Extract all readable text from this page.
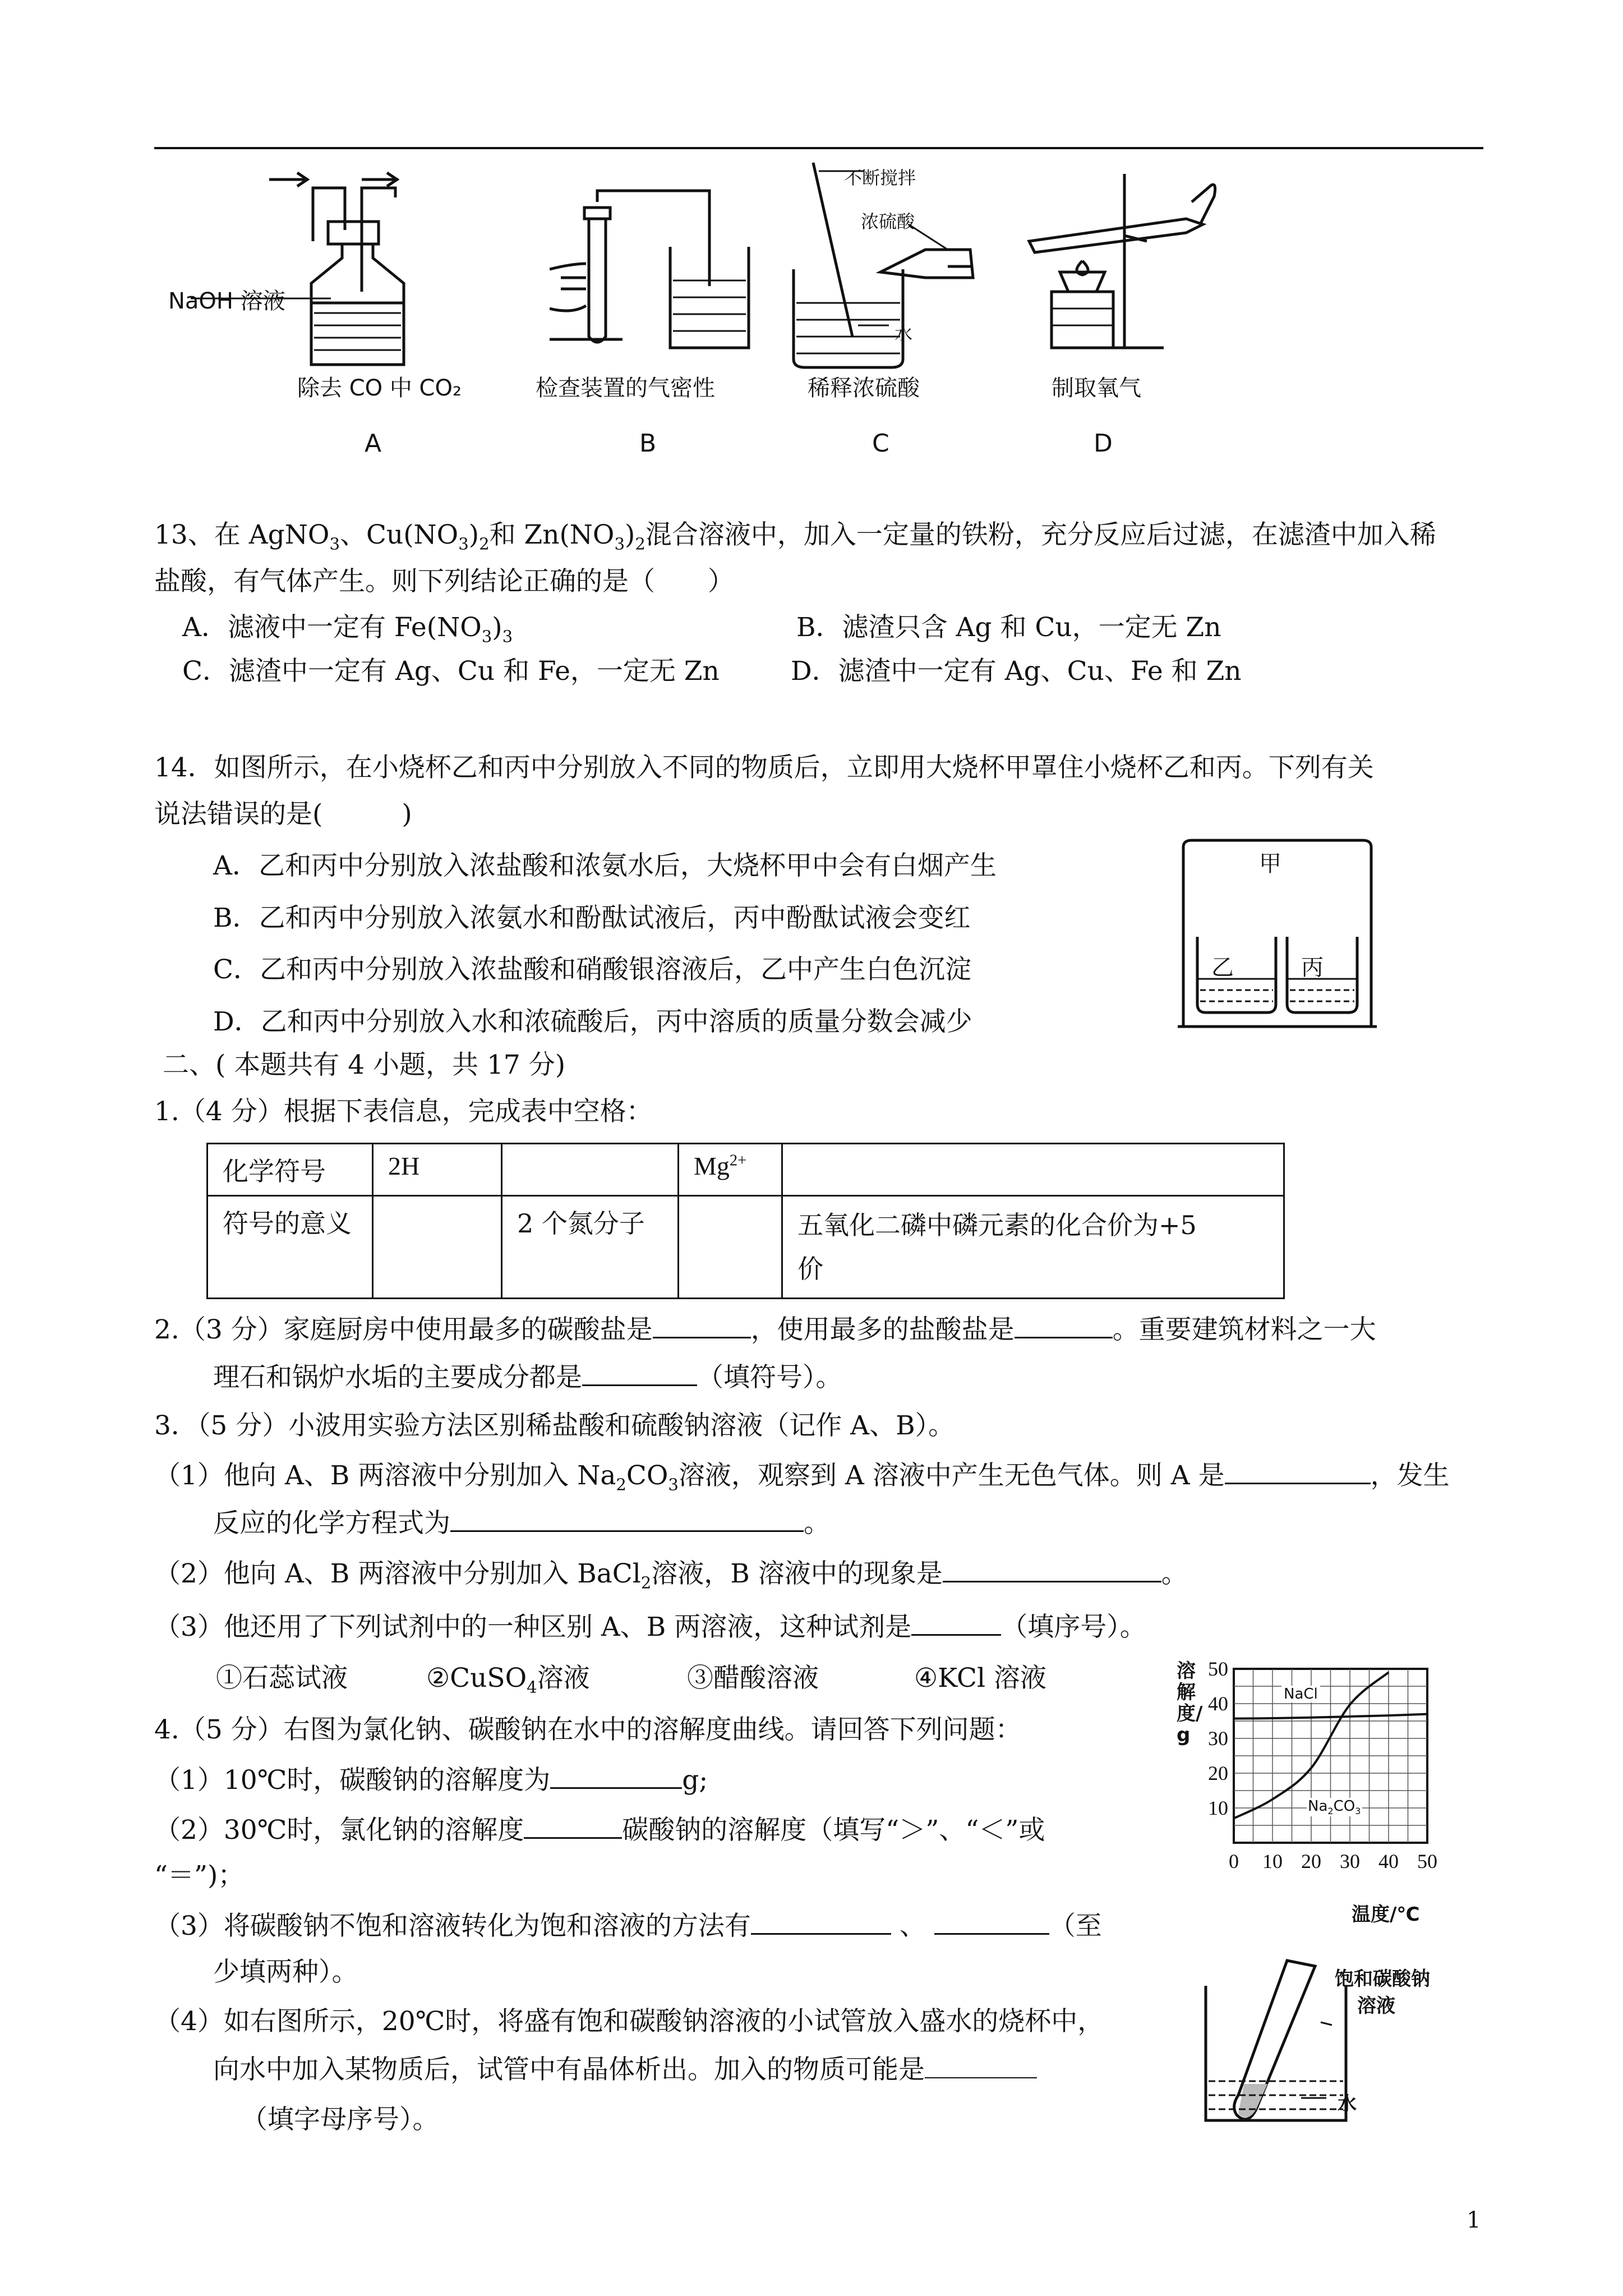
NaOH 溶液
除去 CO 中 CO₂
A
检查装置的气密性
B
不断搅拌
浓硫酸
水
稀释浓硫酸
C
制取氧气
D
13、在 AgNO$_3$、$Cu(NO_3)_2$和 $Zn(NO_3)_2$混合溶液中，加入一定量的铁粉，充分反应后过滤，在滤渣中加入稀
盐酸，有气体产生。则下列结论正确的是（　　）
A．滤液中一定有 $Fe(NO_3)_3$	B．滤渣只含 Ag 和 Cu，一定无 Zn
C．滤渣中一定有 Ag、Cu 和 Fe，一定无 Zn	D．滤渣中一定有 Ag、Cu、Fe 和 Zn
14．如图所示，在小烧杯乙和丙中分别放入不同的物质后，立即用大烧杯甲罩住小烧杯乙和丙。下列有关
说法错误的是(　　　)
A．乙和丙中分别放入浓盐酸和浓氨水后，大烧杯甲中会有白烟产生
B．乙和丙中分别放入浓氨水和酚酞试液后，丙中酚酞试液会变红
C．乙和丙中分别放入浓盐酸和硝酸银溶液后，乙中产生白色沉淀
D．乙和丙中分别放入水和浓硫酸后，丙中溶质的质量分数会减少
甲
乙	丙
二、( 本题共有 4 小题，共 17 分)
1.（4 分）根据下表信息，完成表中空格：
化学符号	2H		$Mg^{2+}$	
符号的意义		2 个氮分子		五氧化二磷中磷元素的化合价为+5
价
2.（3 分）家庭厨房中使用最多的碳酸盐是	，使用最多的盐酸盐是	。重要建筑材料之一大
理石和锅炉水垢的主要成分都是	（填符号）。
3．（5 分）小波用实验方法区别稀盐酸和硫酸钠溶液（记作 A、B）。
（1）他向 A、B 两溶液中分别加入 $Na_2CO_3$溶液，观察到 A 溶液中产生无色气体。则 A 是	，发生
反应的化学方程式为	。
（2）他向 A、B 两溶液中分别加入 BaCl$_2$溶液，B 溶液中的现象是	。
（3）他还用了下列试剂中的一种区别 A、B 两溶液，这种试剂是	（填序号）。
①石蕊试液	②CuSO$_4$溶液	③醋酸溶液	④KCl 溶液
4.（5 分）右图为氯化钠、碳酸钠在水中的溶解度曲线。请回答下列问题：
（1）10℃时，碳酸钠的溶解度为	g;
（2）30℃时，氯化钠的溶解度	碳酸钠的溶解度（填写“＞”、“＜”或
“＝”)；
（3）将碳酸钠不饱和溶液转化为饱和溶液的方法有	、	（至
少填两种）。
（4）如右图所示，20℃时，将盛有饱和碳酸钠溶液的小试管放入盛水的烧杯中，
向水中加入某物质后，试管中有晶体析出。加入的物质可能是
（填字母序号）。
0 10 20 30 40 50
10
20
30
40
50
溶解度/g
温度/℃
NaCl
$Na_2CO_3$
饱和碳酸钠
溶液
水
1
